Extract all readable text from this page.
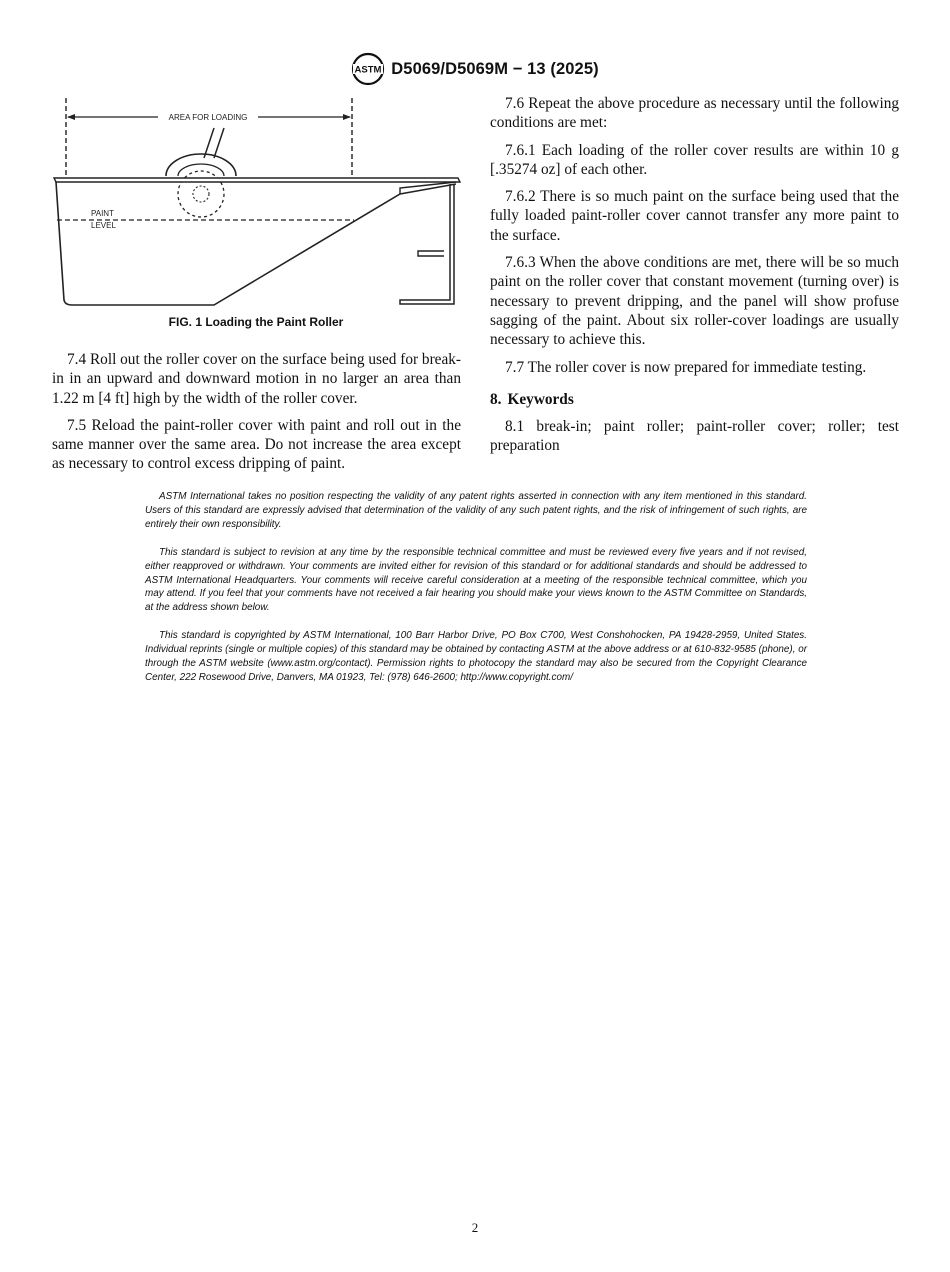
ASTM D5069/D5069M − 13 (2025)
AREA FOR LOADING
PAINT
LEVEL
FIG. 1 Loading the Paint Roller

7.4 Roll out the roller cover on the surface being used for break-in in an upward and downward motion in no larger an area than 1.22 m [4 ft] high by the width of the roller cover.

7.5 Reload the paint-roller cover with paint and roll out in the same manner over the same area. Do not increase the area except as necessary to control excess dripping of paint.

7.6 Repeat the above procedure as necessary until the following conditions are met:

7.6.1 Each loading of the roller cover results are within 10 g [.35274 oz] of each other.

7.6.2 There is so much paint on the surface being used that the fully loaded paint-roller cover cannot transfer any more paint to the surface.

7.6.3 When the above conditions are met, there will be so much paint on the roller cover that constant movement (turning over) is necessary to prevent dripping, and the panel will show profuse sagging of the paint. About six roller-cover loadings are usually necessary to achieve this.

7.7 The roller cover is now prepared for immediate testing.

8. Keywords

8.1 break-in; paint roller; paint-roller cover; roller; test preparation

ASTM International takes no position respecting the validity of any patent rights asserted in connection with any item mentioned in this standard. Users of this standard are expressly advised that determination of the validity of any such patent rights, and the risk of infringement of such rights, are entirely their own responsibility.

This standard is subject to revision at any time by the responsible technical committee and must be reviewed every five years and if not revised, either reapproved or withdrawn. Your comments are invited either for revision of this standard or for additional standards and should be addressed to ASTM International Headquarters. Your comments will receive careful consideration at a meeting of the responsible technical committee, which you may attend. If you feel that your comments have not received a fair hearing you should make your views known to the ASTM Committee on Standards, at the address shown below.

This standard is copyrighted by ASTM International, 100 Barr Harbor Drive, PO Box C700, West Conshohocken, PA 19428-2959, United States. Individual reprints (single or multiple copies) of this standard may be obtained by contacting ASTM at the above address or at 610-832-9585 (phone), or through the ASTM website (www.astm.org/contact). Permission rights to photocopy the standard may also be secured from the Copyright Clearance Center, 222 Rosewood Drive, Danvers, MA 01923, Tel: (978) 646-2600; http://www.copyright.com/

2
